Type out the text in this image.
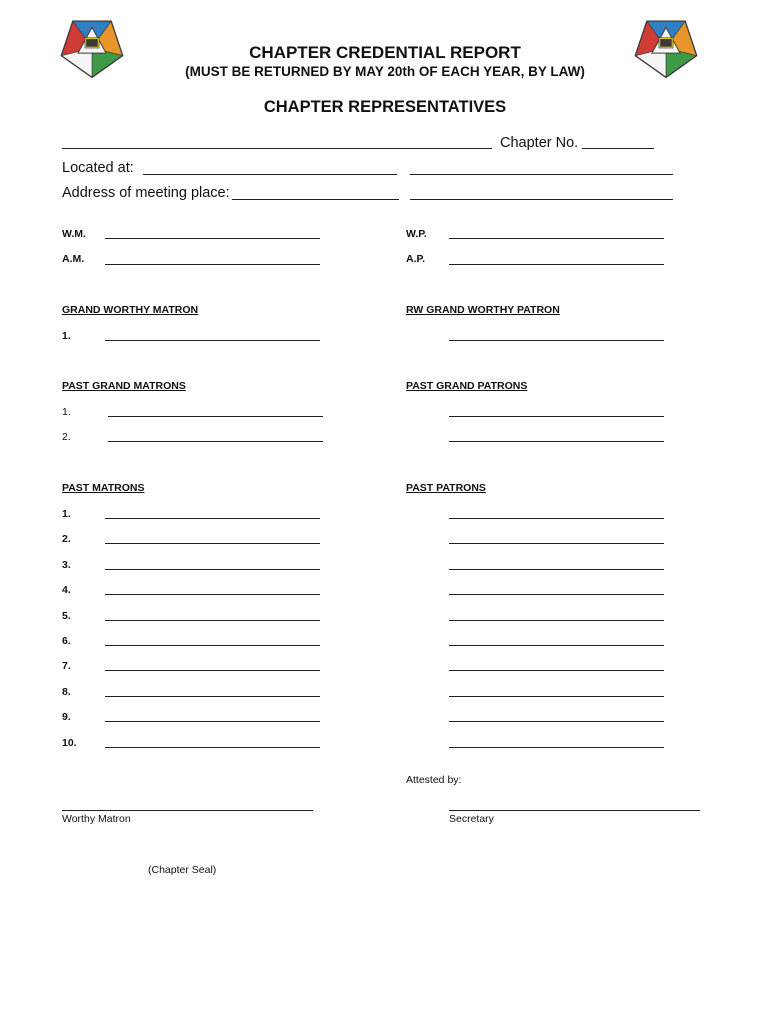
CHAPTER CREDENTIAL REPORT
(MUST BE RETURNED BY MAY 20th OF EACH YEAR, BY LAW)
CHAPTER REPRESENTATIVES
Chapter No.
Located at:
Address of meeting place:
W.M.	W.P.
A.M.	A.P.
GRAND WORTHY MATRON	RW GRAND WORTHY PATRON
1.
PAST GRAND MATRONS	PAST GRAND PATRONS
1.
2.
PAST MATRONS	PAST PATRONS
1.
2.
3.
4.
5.
6.
7.
8.
9.
10.
Attested by:
Worthy Matron	Secretary
(Chapter Seal)
